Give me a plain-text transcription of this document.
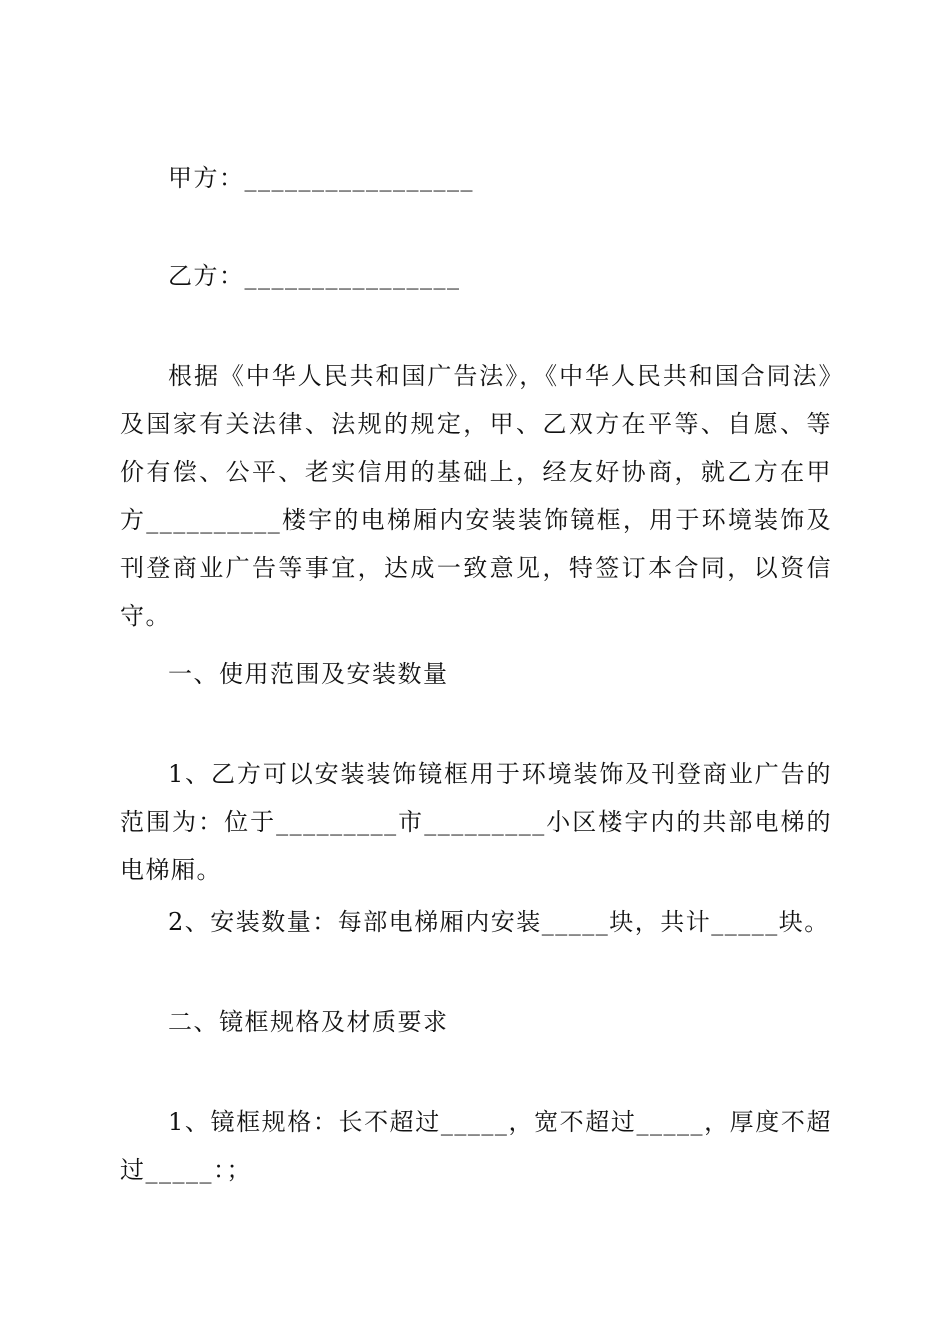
甲方：_________________
乙方：________________
根据《中华人民共和国广告法》，《中华人民共和国合同法》及国家有关法律、法规的规定，甲、乙双方在平等、自愿、等价有偿、公平、老实信用的基础上，经友好协商，就乙方在甲方__________楼宇的电梯厢内安装装饰镜框，用于环境装饰及刊登商业广告等事宜，达成一致意见，特签订本合同，以资信守。
一、使用范围及安装数量
1、乙方可以安装装饰镜框用于环境装饰及刊登商业广告的范围为：位于_________市_________小区楼宇内的共部电梯的电梯厢。
2、安装数量：每部电梯厢内安装_____块，共计_____块。
二、镜框规格及材质要求
1、镜框规格：长不超过_____，宽不超过_____，厚度不超过_____：；
